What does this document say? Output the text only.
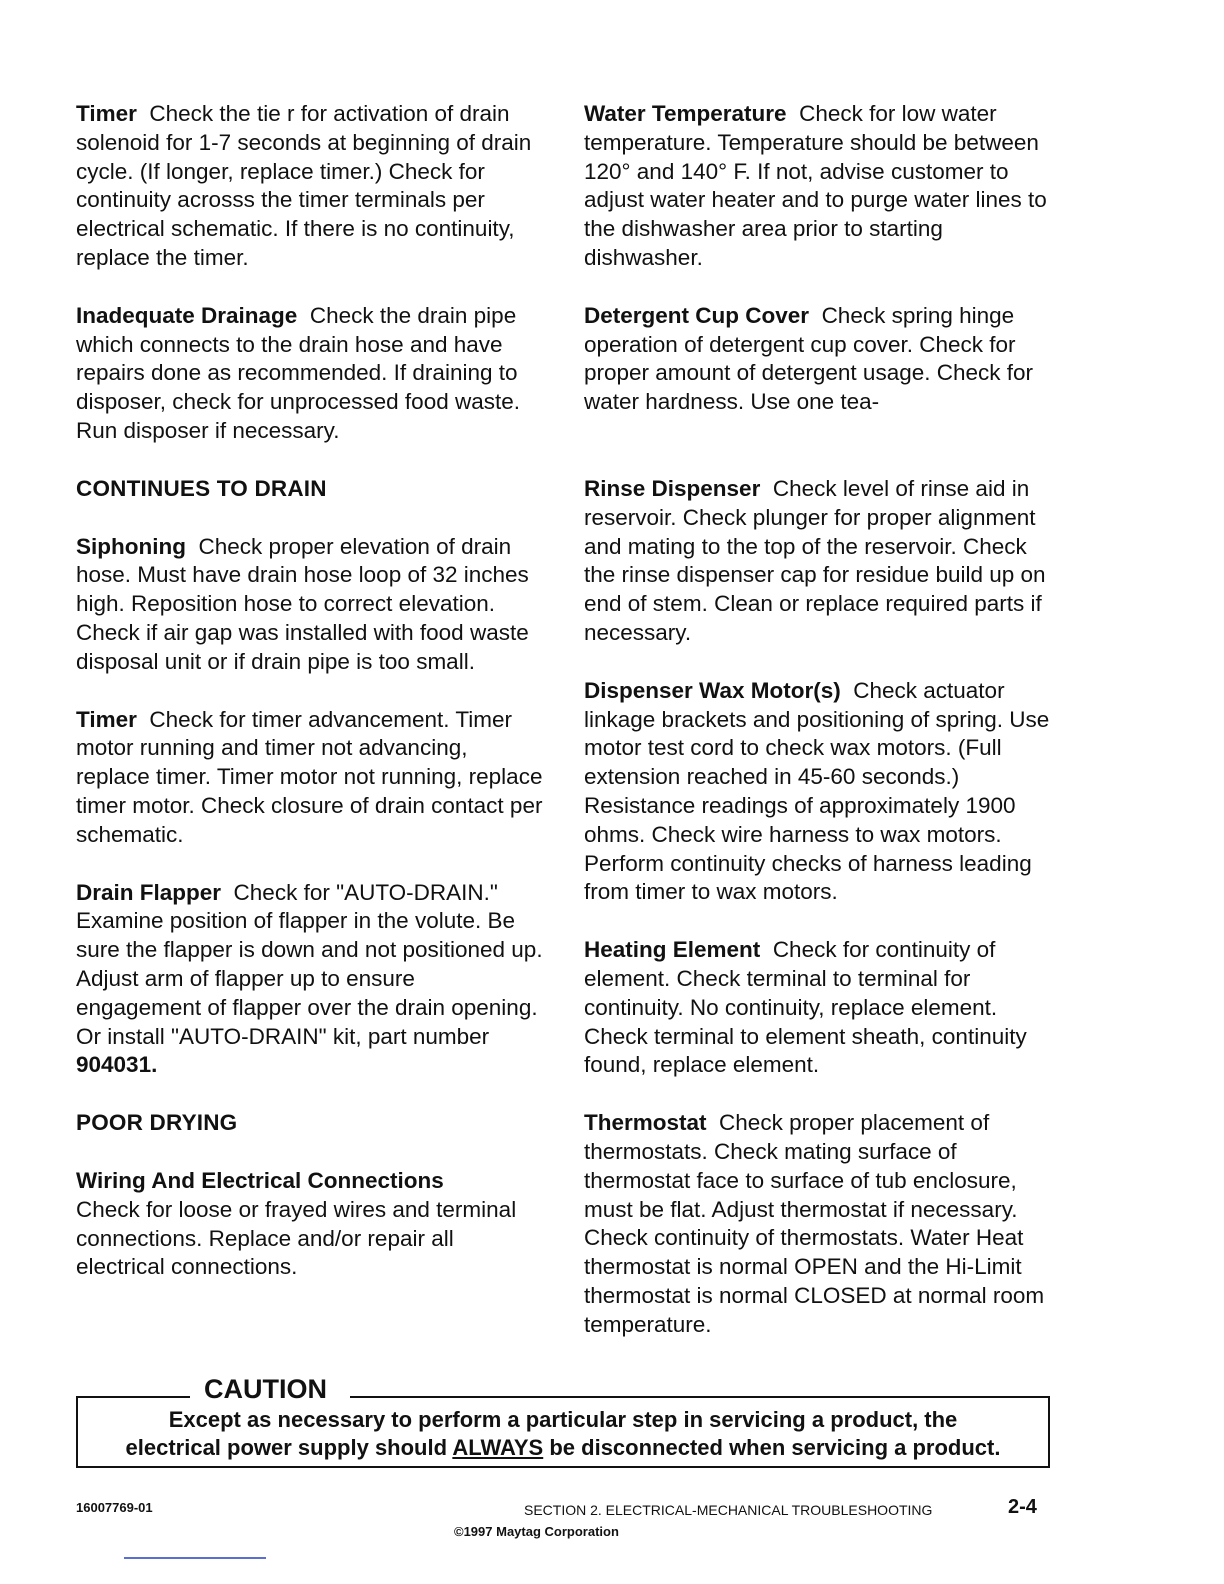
Timer Check the tie r for activation of drain solenoid for 1-7 seconds at beginning of drain cycle. (If longer, replace timer.) Check for continuity acrosss the timer terminals per electrical schematic. If there is no continuity, replace the timer.
Inadequate Drainage Check the drain pipe which connects to the drain hose and have repairs done as recommended. If draining to disposer, check for unprocessed food waste. Run disposer if necessary.
CONTINUES TO DRAIN
Siphoning Check proper elevation of drain hose. Must have drain hose loop of 32 inches high. Reposition hose to correct elevation. Check if air gap was installed with food waste disposal unit or if drain pipe is too small.
Timer Check for timer advancement. Timer motor running and timer not advancing, replace timer. Timer motor not running, replace timer motor. Check closure of drain contact per schematic.
Drain Flapper Check for "AUTO-DRAIN." Examine position of flapper in the volute. Be sure the flapper is down and not positioned up. Adjust arm of flapper up to ensure engagement of flapper over the drain opening. Or install "AUTO-DRAIN" kit, part number 904031.
POOR DRYING
Wiring And Electrical Connections
Check for loose or frayed wires and terminal connections. Replace and/or repair all electrical connections.
Water Temperature Check for low water temperature. Temperature should be between 120° and 140° F. If not, advise customer to adjust water heater and to purge water lines to the dishwasher area prior to starting dishwasher.
Detergent Cup Cover Check spring hinge operation of detergent cup cover. Check for proper amount of detergent usage. Check for water hardness. Use one tea-
Rinse Dispenser Check level of rinse aid in reservoir. Check plunger for proper alignment and mating to the top of the reservoir. Check the rinse dispenser cap for residue build up on end of stem. Clean or replace required parts if necessary.
Dispenser Wax Motor(s) Check actuator linkage brackets and positioning of spring. Use motor test cord to check wax motors. (Full extension reached in 45-60 seconds.) Resistance readings of approximately 1900 ohms. Check wire harness to wax motors. Perform continuity checks of harness leading from timer to wax motors.
Heating Element Check for continuity of element. Check terminal to terminal for continuity. No continuity, replace element. Check terminal to element sheath, continuity found, replace element.
Thermostat Check proper placement of thermostats. Check mating surface of thermostat face to surface of tub enclosure, must be flat. Adjust thermostat if necessary. Check continuity of thermostats. Water Heat thermostat is normal OPEN and the Hi-Limit thermostat is normal CLOSED at normal room temperature.
CAUTION
Except as necessary to perform a particular step in servicing a product, the
electrical power supply should ALWAYS be disconnected when servicing a product.
16007769-01	SECTION 2. ELECTRICAL-MECHANICAL TROUBLESHOOTING	2-4
©1997 Maytag Corporation
